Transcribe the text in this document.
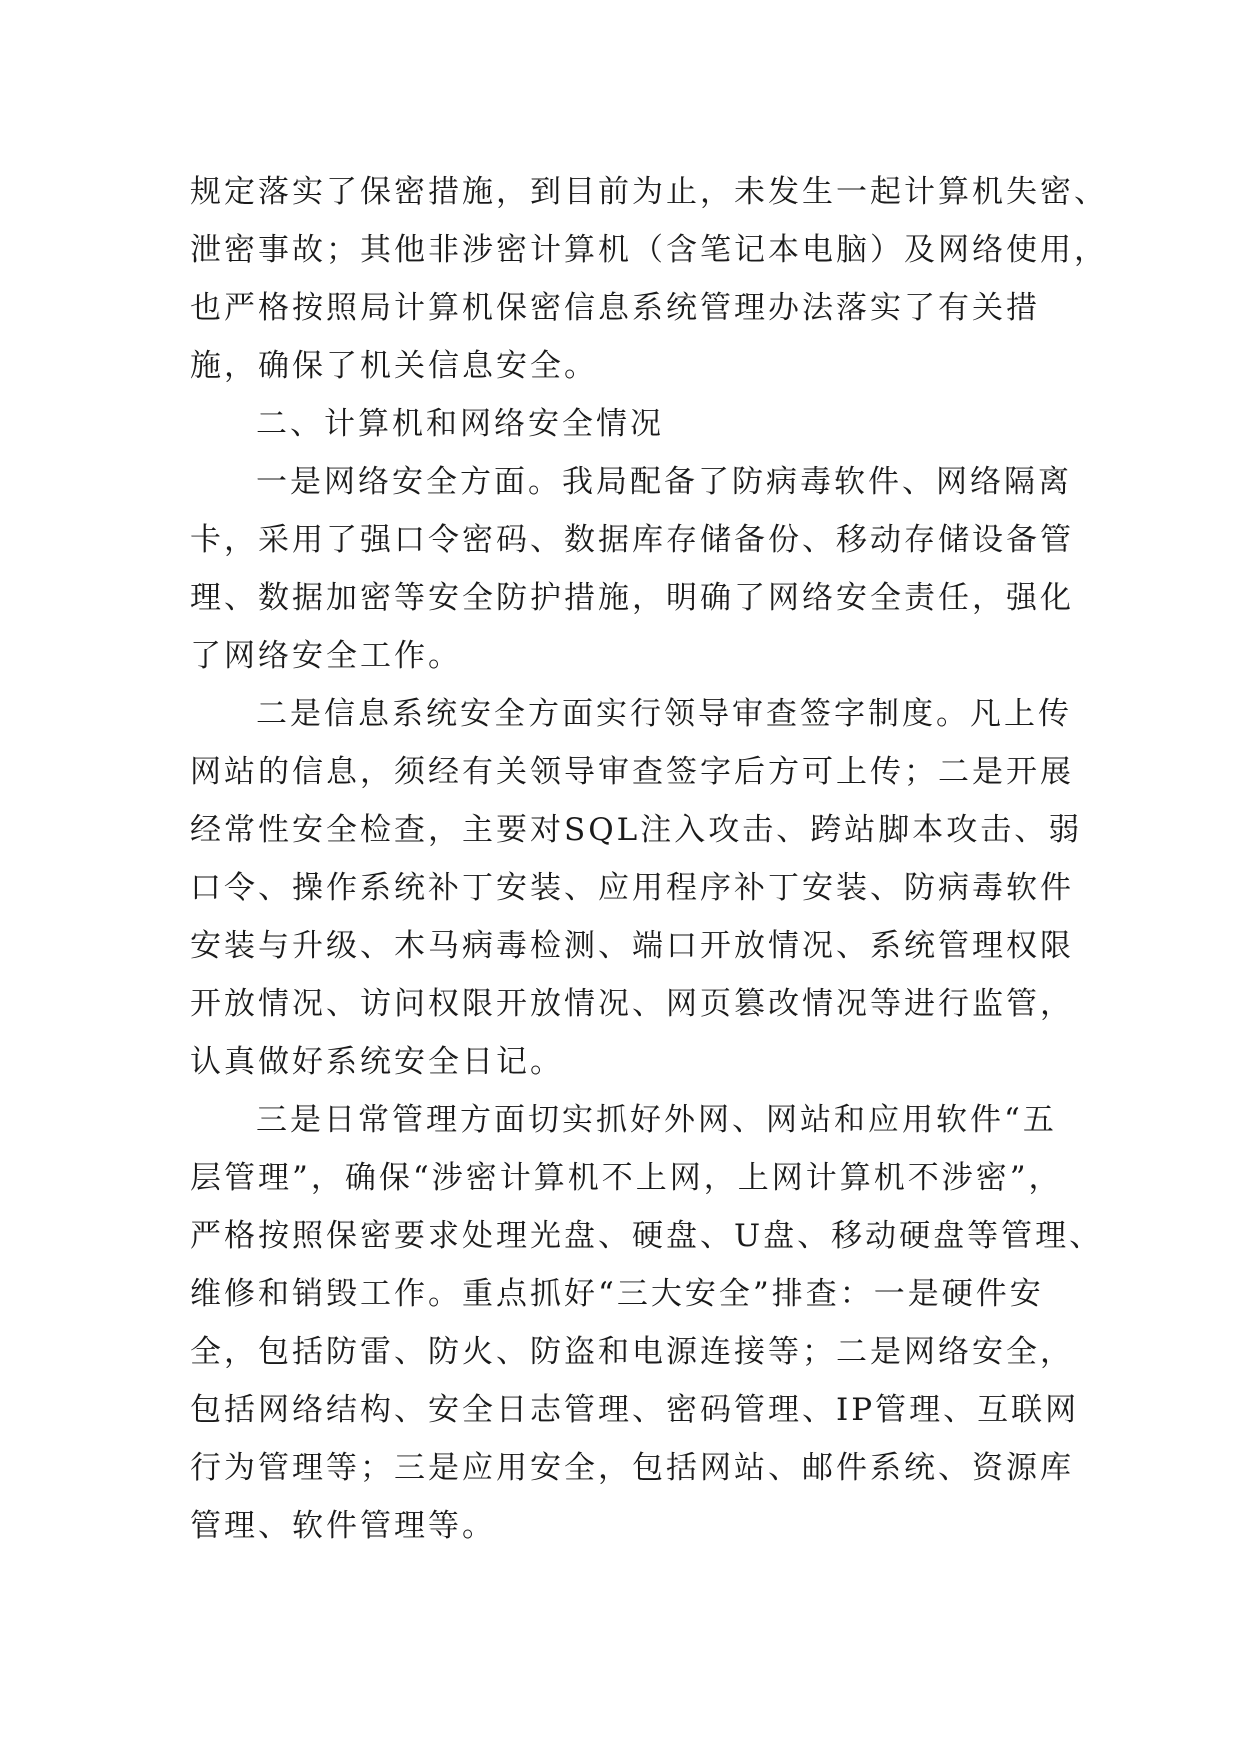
规定落实了保密措施，到目前为止，未发生一起计算机失密、
泄密事故；其他非涉密计算机（含笔记本电脑）及网络使用，
也严格按照局计算机保密信息系统管理办法落实了有关措
施，确保了机关信息安全。
二、计算机和网络安全情况
一是网络安全方面。我局配备了防病毒软件、网络隔离
卡，采用了强口令密码、数据库存储备份、移动存储设备管
理、数据加密等安全防护措施，明确了网络安全责任，强化
了网络安全工作。
二是信息系统安全方面实行领导审查签字制度。凡上传
网站的信息，须经有关领导审查签字后方可上传；二是开展
经常性安全检查，主要对SQL注入攻击、跨站脚本攻击、弱
口令、操作系统补丁安装、应用程序补丁安装、防病毒软件
安装与升级、木马病毒检测、端口开放情况、系统管理权限
开放情况、访问权限开放情况、网页篡改情况等进行监管，
认真做好系统安全日记。
三是日常管理方面切实抓好外网、网站和应用软件“五
层管理”，确保“涉密计算机不上网，上网计算机不涉密”，
严格按照保密要求处理光盘、硬盘、U盘、移动硬盘等管理、
维修和销毁工作。重点抓好“三大安全”排查：一是硬件安
全，包括防雷、防火、防盗和电源连接等；二是网络安全，
包括网络结构、安全日志管理、密码管理、IP管理、互联网
行为管理等；三是应用安全，包括网站、邮件系统、资源库
管理、软件管理等。
